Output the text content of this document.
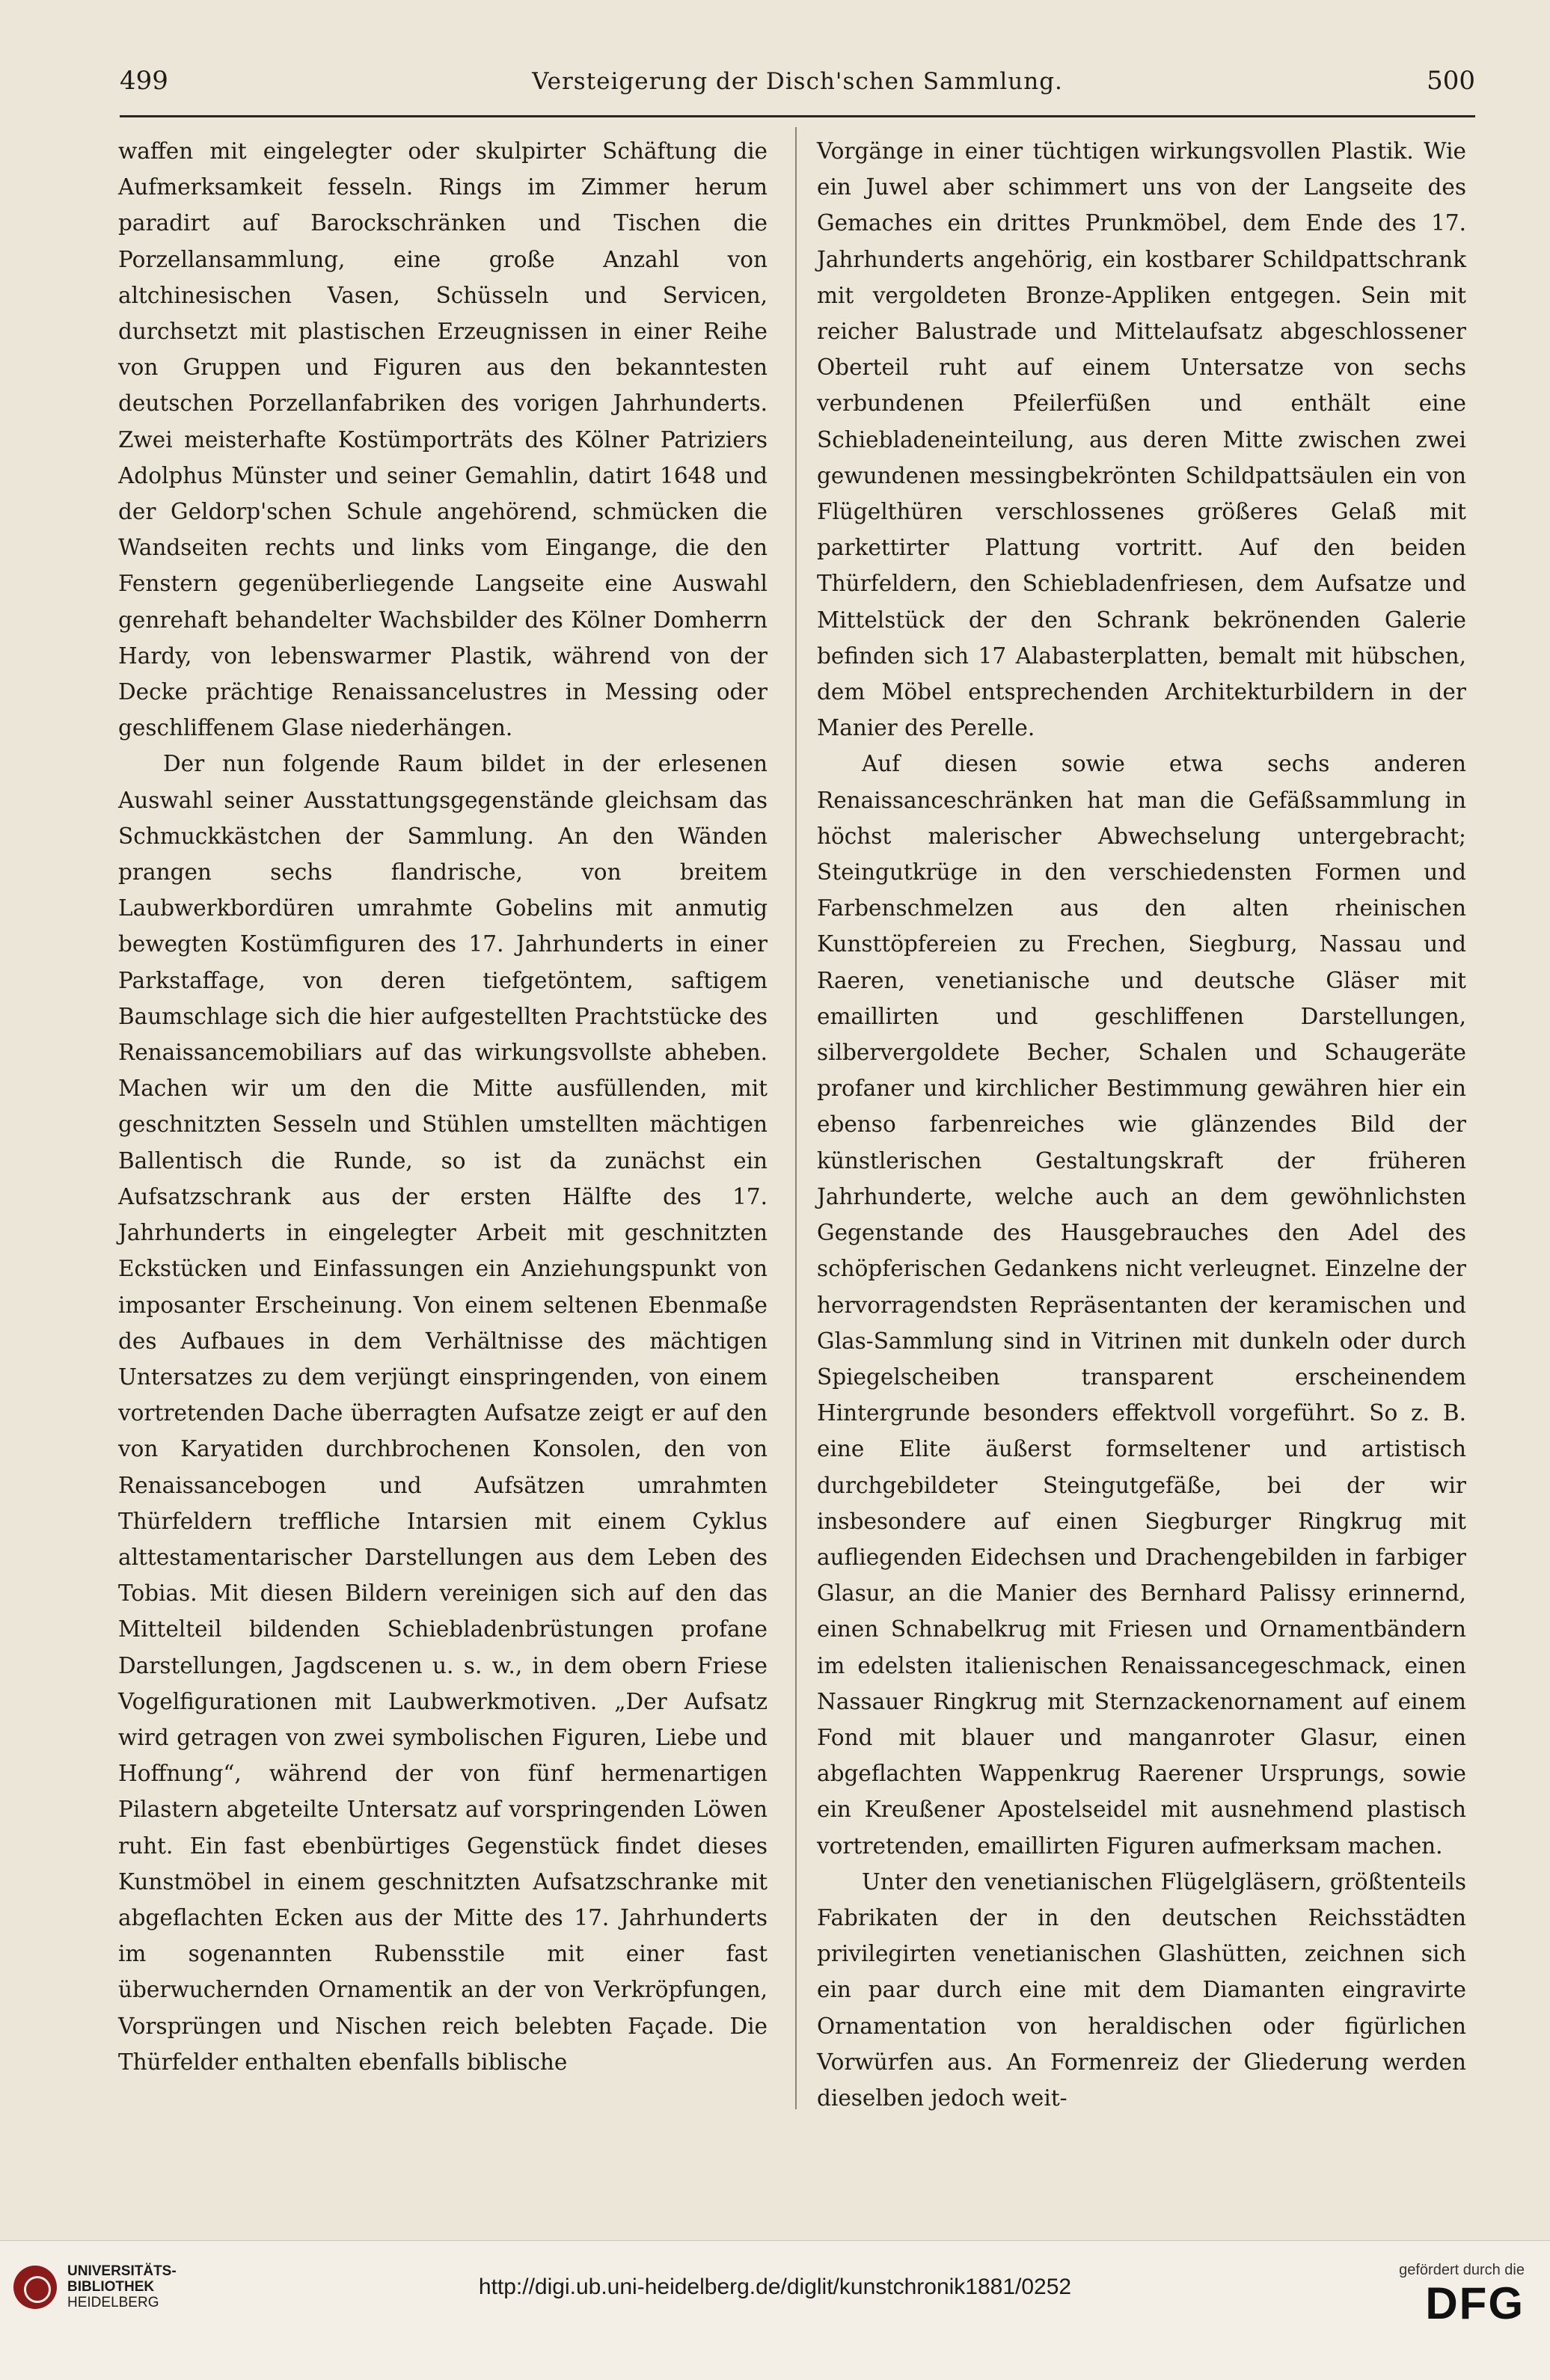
499	Versteigerung der Disch'schen Sammlung.	500

waffen mit eingelegter oder skulpirter Schäftung die Aufmerksamkeit fesseln. Rings im Zimmer herum paradirt auf Barockschränken und Tischen die Porzellansammlung, eine große Anzahl von altchinesischen Vasen, Schüsseln und Servicen, durchsetzt mit plastischen Erzeugnissen in einer Reihe von Gruppen und Figuren aus den bekanntesten deutschen Porzellanfabriken des vorigen Jahrhunderts. Zwei meisterhafte Kostümporträts des Kölner Patriziers Adolphus Münster und seiner Gemahlin, datirt 1648 und der Geldorp'schen Schule angehörend, schmücken die Wandseiten rechts und links vom Eingange, die den Fenstern gegenüberliegende Langseite eine Auswahl genrehaft behandelter Wachsbilder des Kölner Domherrn Hardy, von lebenswarmer Plastik, während von der Decke prächtige Renaissancelustres in Messing oder geschliffenem Glase niederhängen.

Der nun folgende Raum bildet in der erlesenen Auswahl seiner Ausstattungsgegenstände gleichsam das Schmuckkästchen der Sammlung. An den Wänden prangen sechs flandrische, von breitem Laubwerkbordüren umrahmte Gobelins mit anmutig bewegten Kostümfiguren des 17. Jahrhunderts in einer Parkstaffage, von deren tiefgetöntem, saftigem Baumschlage sich die hier aufgestellten Prachtstücke des Renaissancemobiliars auf das wirkungsvollste abheben. Machen wir um den die Mitte ausfüllenden, mit geschnitzten Sesseln und Stühlen umstellten mächtigen Ballentisch die Runde, so ist da zunächst ein Aufsatzschrank aus der ersten Hälfte des 17. Jahrhunderts in eingelegter Arbeit mit geschnitzten Eckstücken und Einfassungen ein Anziehungspunkt von imposanter Erscheinung. Von einem seltenen Ebenmaße des Aufbaues in dem Verhältnisse des mächtigen Untersatzes zu dem verjüngt einspringenden, von einem vortretenden Dache überragten Aufsatze zeigt er auf den von Karyatiden durchbrochenen Konsolen, den von Renaissancebogen und Aufsätzen umrahmten Thürfeldern treffliche Intarsien mit einem Cyklus alttestamentarischer Darstellungen aus dem Leben des Tobias. Mit diesen Bildern vereinigen sich auf den das Mittelteil bildenden Schiebladenbrüstungen profane Darstellungen, Jagdscenen u. s. w., in dem obern Friese Vogelfigurationen mit Laubwerkmotiven. „Der Aufsatz wird getragen von zwei symbolischen Figuren, Liebe und Hoffnung“, während der von fünf hermenartigen Pilastern abgeteilte Untersatz auf vorspringenden Löwen ruht. Ein fast ebenbürtiges Gegenstück findet dieses Kunstmöbel in einem geschnitzten Aufsatzschranke mit abgeflachten Ecken aus der Mitte des 17. Jahrhunderts im sogenannten Rubensstile mit einer fast überwuchernden Ornamentik an der von Verkröpfungen, Vorsprüngen und Nischen reich belebten Façade. Die Thürfelder enthalten ebenfalls biblische

Vorgänge in einer tüchtigen wirkungsvollen Plastik. Wie ein Juwel aber schimmert uns von der Langseite des Gemaches ein drittes Prunkmöbel, dem Ende des 17. Jahrhunderts angehörig, ein kostbarer Schildpattschrank mit vergoldeten Bronze-Appliken entgegen. Sein mit reicher Balustrade und Mittelaufsatz abgeschlossener Oberteil ruht auf einem Untersatze von sechs verbundenen Pfeilerfüßen und enthält eine Schiebladeneinteilung, aus deren Mitte zwischen zwei gewundenen messingbekrönten Schildpattsäulen ein von Flügelthüren verschlossenes größeres Gelaß mit parkettirter Plattung vortritt. Auf den beiden Thürfeldern, den Schiebladenfriesen, dem Aufsatze und Mittelstück der den Schrank bekrönenden Galerie befinden sich 17 Alabasterplatten, bemalt mit hübschen, dem Möbel entsprechenden Architekturbildern in der Manier des Perelle.

Auf diesen sowie etwa sechs anderen Renaissanceschränken hat man die Gefäßsammlung in höchst malerischer Abwechselung untergebracht; Steingutkrüge in den verschiedensten Formen und Farbenschmelzen aus den alten rheinischen Kunsttöpfereien zu Frechen, Siegburg, Nassau und Raeren, venetianische und deutsche Gläser mit emaillirten und geschliffenen Darstellungen, silbervergoldete Becher, Schalen und Schaugeräte profaner und kirchlicher Bestimmung gewähren hier ein ebenso farbenreiches wie glänzendes Bild der künstlerischen Gestaltungskraft der früheren Jahrhunderte, welche auch an dem gewöhnlichsten Gegenstande des Hausgebrauches den Adel des schöpferischen Gedankens nicht verleugnet. Einzelne der hervorragendsten Repräsentanten der keramischen und Glas-Sammlung sind in Vitrinen mit dunkeln oder durch Spiegelscheiben transparent erscheinendem Hintergrunde besonders effektvoll vorgeführt. So z. B. eine Elite äußerst formseltener und artistisch durchgebildeter Steingutgefäße, bei der wir insbesondere auf einen Siegburger Ringkrug mit aufliegenden Eidechsen und Drachengebilden in farbiger Glasur, an die Manier des Bernhard Palissy erinnernd, einen Schnabelkrug mit Friesen und Ornamentbändern im edelsten italienischen Renaissancegeschmack, einen Nassauer Ringkrug mit Sternzackenornament auf einem Fond mit blauer und manganroter Glasur, einen abgeflachten Wappenkrug Raerener Ursprungs, sowie ein Kreußener Apostelseidel mit ausnehmend plastisch vortretenden, emaillirten Figuren aufmerksam machen.

Unter den venetianischen Flügelgläsern, größtenteils Fabrikaten der in den deutschen Reichsstädten privilegirten venetianischen Glashütten, zeichnen sich ein paar durch eine mit dem Diamanten eingravirte Ornamentation von heraldischen oder figürlichen Vorwürfen aus. An Formenreiz der Gliederung werden dieselben jedoch weit-

UNIVERSITÄTS-
BIBLIOTHEK
HEIDELBERG
http://digi.ub.uni-heidelberg.de/diglit/kunstchronik1881/0252
gefördert durch die
DFG
